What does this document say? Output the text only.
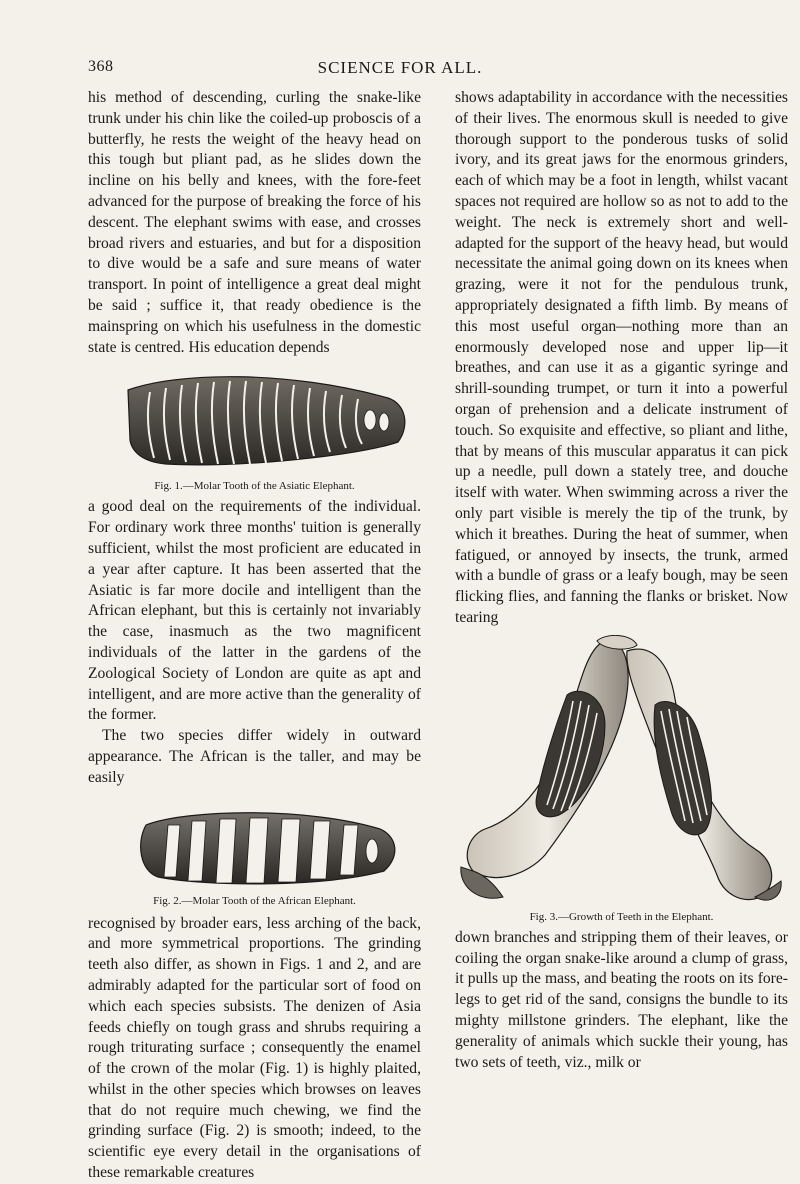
368	SCIENCE FOR ALL.

his method of descending, curling the snake-like trunk under his chin like the coiled-up proboscis of a butterfly, he rests the weight of the heavy head on this tough but pliant pad, as he slides down the incline on his belly and knees, with the fore-feet advanced for the purpose of breaking the force of his descent. The elephant swims with ease, and crosses broad rivers and estuaries, and but for a disposition to dive would be a safe and sure means of water transport. In point of intelligence a great deal might be said ; suffice it, that ready obedience is the mainspring on which his usefulness in the domestic state is centred. His education depends

Fig. 1.—Molar Tooth of the Asiatic Elephant.

a good deal on the requirements of the individual. For ordinary work three months' tuition is generally sufficient, whilst the most proficient are educated in a year after capture. It has been asserted that the Asiatic is far more docile and intelligent than the African elephant, but this is certainly not invariably the case, inasmuch as the two magnificent individuals of the latter in the gardens of the Zoological Society of London are quite as apt and intelligent, and are more active than the generality of the former.

The two species differ widely in outward appearance. The African is the taller, and may be easily

Fig. 2.—Molar Tooth of the African Elephant.

recognised by broader ears, less arching of the back, and more symmetrical proportions. The grinding teeth also differ, as shown in Figs. 1 and 2, and are admirably adapted for the particular sort of food on which each species subsists. The denizen of Asia feeds chiefly on tough grass and shrubs requiring a rough triturating surface ; consequently the enamel of the crown of the molar (Fig. 1) is highly plaited, whilst in the other species which browses on leaves that do not require much chewing, we find the grinding surface (Fig. 2) is smooth; indeed, to the scientific eye every detail in the organisations of these remarkable creatures

shows adaptability in accordance with the necessities of their lives. The enormous skull is needed to give thorough support to the ponderous tusks of solid ivory, and its great jaws for the enormous grinders, each of which may be a foot in length, whilst vacant spaces not required are hollow so as not to add to the weight. The neck is extremely short and well-adapted for the support of the heavy head, but would necessitate the animal going down on its knees when grazing, were it not for the pendulous trunk, appropriately designated a fifth limb. By means of this most useful organ—nothing more than an enormously developed nose and upper lip—it breathes, and can use it as a gigantic syringe and shrill-sounding trumpet, or turn it into a powerful organ of prehension and a delicate instrument of touch. So exquisite and effective, so pliant and lithe, that by means of this muscular apparatus it can pick up a needle, pull down a stately tree, and douche itself with water. When swimming across a river the only part visible is merely the tip of the trunk, by which it breathes. During the heat of summer, when fatigued, or annoyed by insects, the trunk, armed with a bundle of grass or a leafy bough, may be seen flicking flies, and fanning the flanks or brisket. Now tearing

Fig. 3.—Growth of Teeth in the Elephant.

down branches and stripping them of their leaves, or coiling the organ snake-like around a clump of grass, it pulls up the mass, and beating the roots on its fore-legs to get rid of the sand, consigns the bundle to its mighty millstone grinders. The elephant, like the generality of animals which suckle their young, has two sets of teeth, viz., milk or
